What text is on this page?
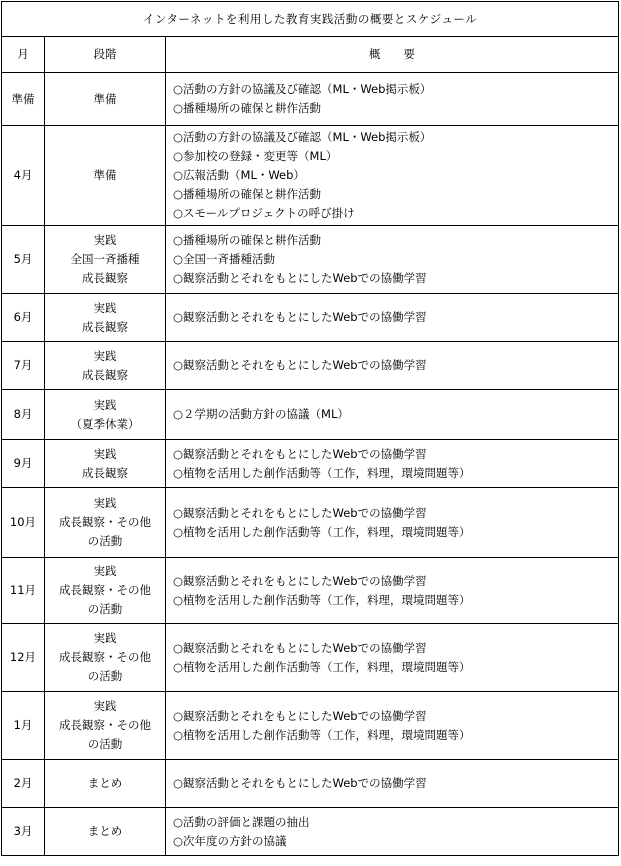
インターネットを利用した教育実践活動の概要とスケジュール		
月	段階	概　　要
準備	準備	○活動の方針の協議及び確認（ML・Web掲示板）
○播種場所の確保と耕作活動

4月	準備	○活動の方針の協議及び確認（ML・Web掲示板）
○参加校の登録・変更等（ML）
○広報活動（ML・Web）
○播種場所の確保と耕作活動
○スモールプロジェクトの呼び掛け

5月	実践
全国一斉播種
成長観察	○播種場所の確保と耕作活動
○全国一斉播種活動
○観察活動とそれをもとにしたWebでの協働学習

6月	実践
成長観察	○観察活動とそれをもとにしたWebでの協働学習

7月	実践
成長観察	○観察活動とそれをもとにしたWebでの協働学習

8月	実践
（夏季休業）	○２学期の活動方針の協議（ML）

9月	実践
成長観察	○観察活動とそれをもとにしたWebでの協働学習
○植物を活用した創作活動等（工作，料理，環境問題等）

10月	実践
成長観察・その他
の活動	○観察活動とそれをもとにしたWebでの協働学習
○植物を活用した創作活動等（工作，料理，環境問題等）

11月	実践
成長観察・その他
の活動	○観察活動とそれをもとにしたWebでの協働学習
○植物を活用した創作活動等（工作，料理，環境問題等）

12月	実践
成長観察・その他
の活動	○観察活動とそれをもとにしたWebでの協働学習
○植物を活用した創作活動等（工作，料理，環境問題等）

1月	実践
成長観察・その他
の活動	○観察活動とそれをもとにしたWebでの協働学習
○植物を活用した創作活動等（工作，料理，環境問題等）

2月	まとめ	○観察活動とそれをもとにしたWebでの協働学習

3月	まとめ	○活動の評価と課題の抽出
○次年度の方針の協議
